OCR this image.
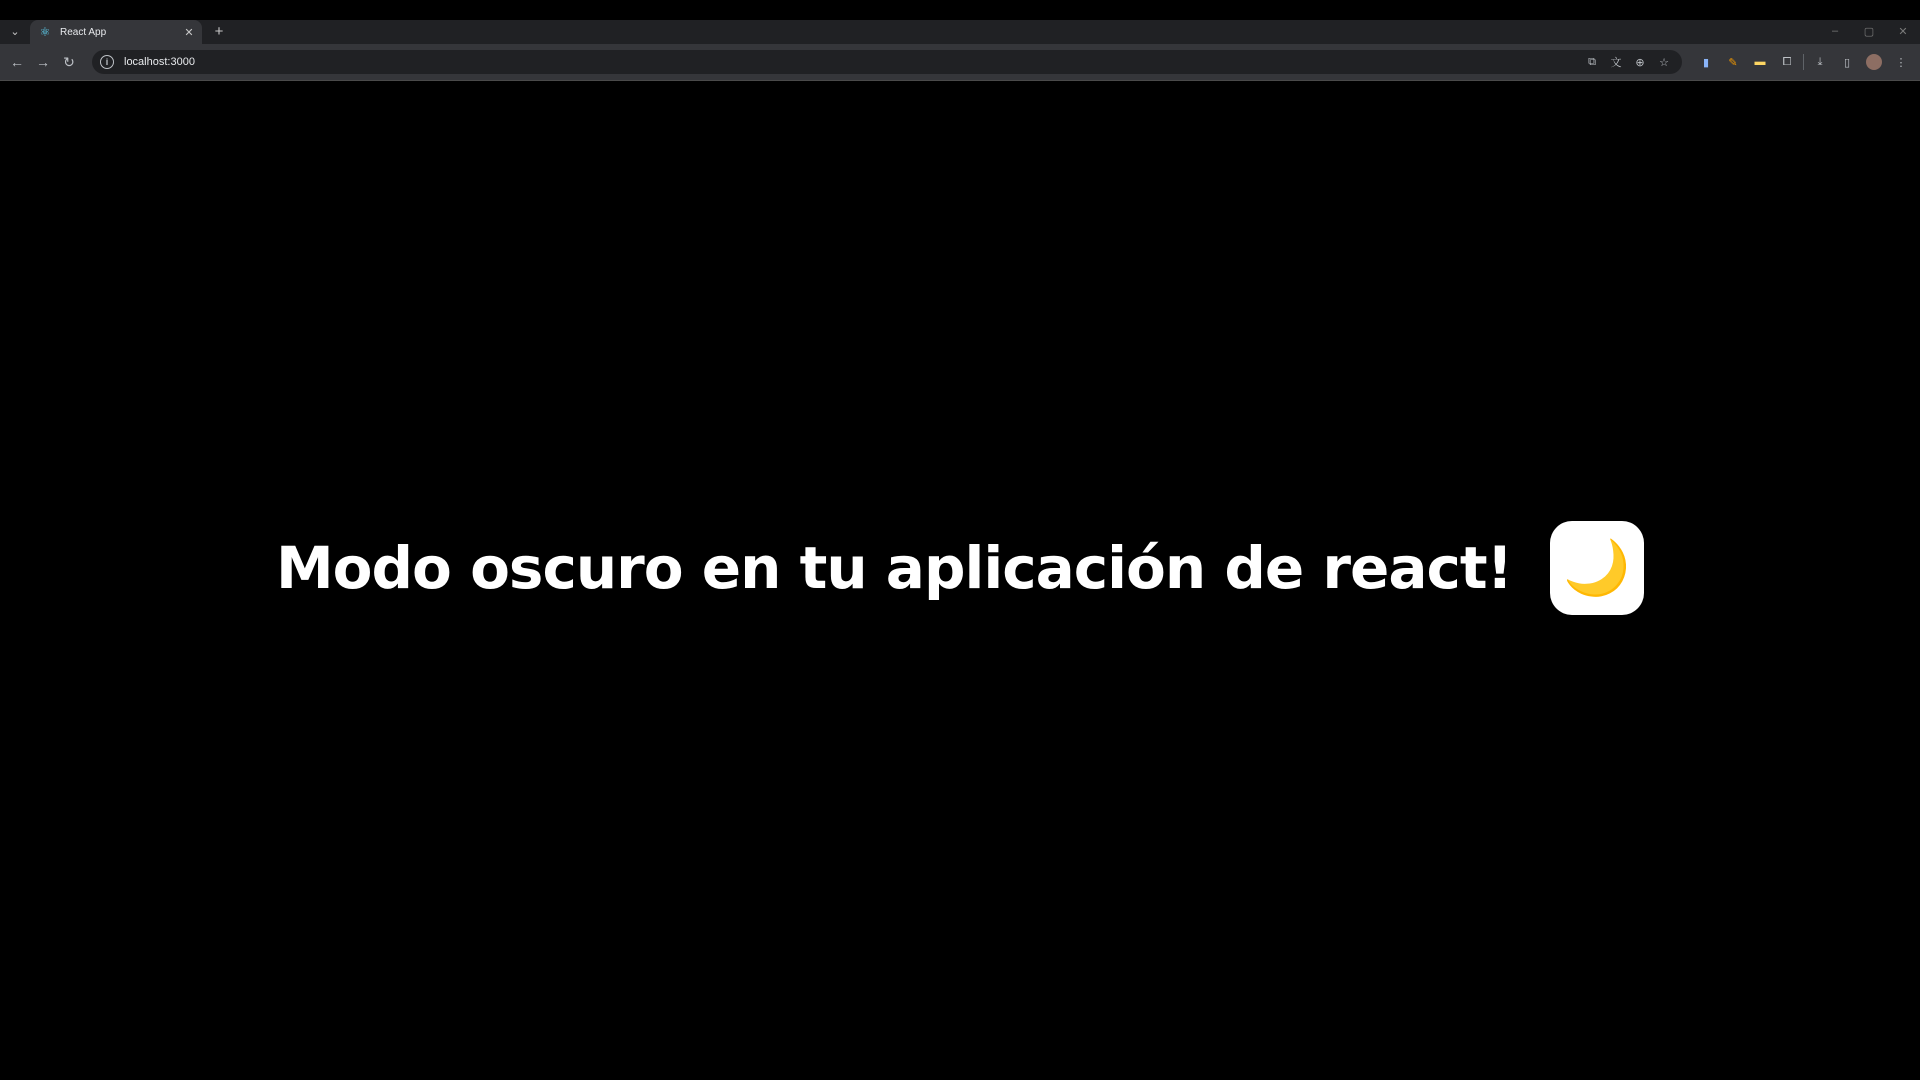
⌄	⚛ React App	✕	+	–	▢	✕
← → ↻	i	localhost:3000	⧉	文	⊕	☆	▮	✎	▬	⧠	⤓	▯	⋮
Modo oscuro en tu aplicación de react! 🌙
